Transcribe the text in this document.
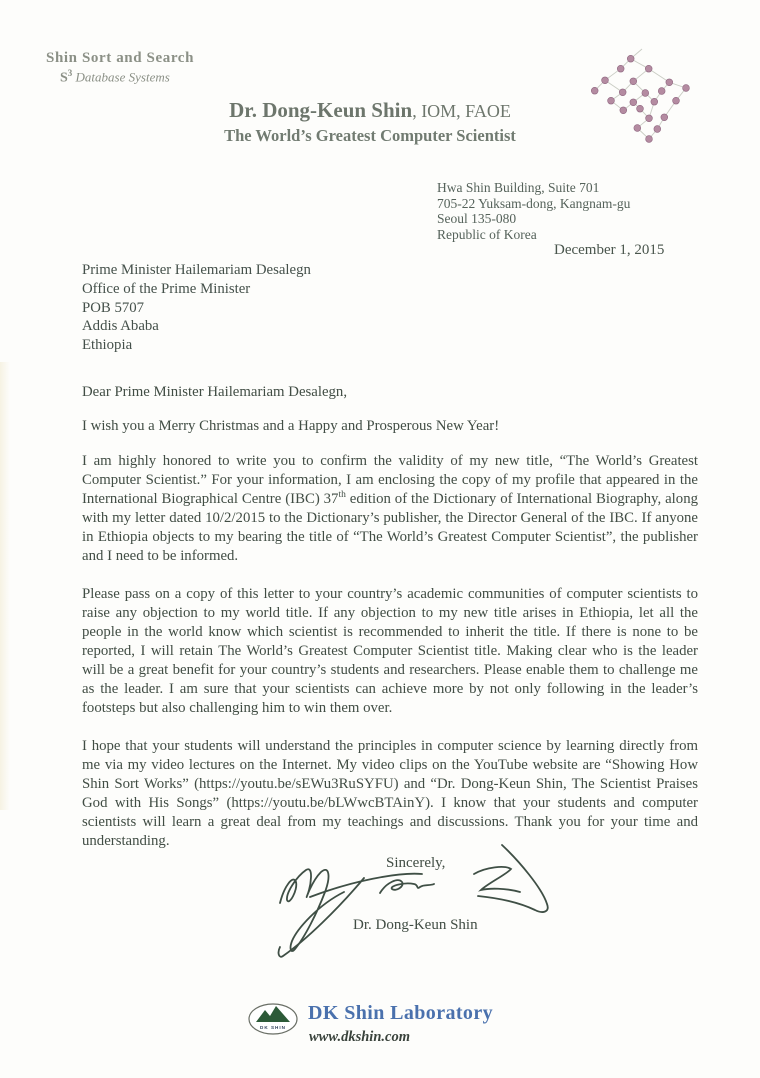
Shin Sort and Search
$S^3$ Database Systems
Dr. Dong-Keun Shin, IOM, FAOE
The World’s Greatest Computer Scientist
Hwa Shin Building, Suite 701
705-22 Yuksam-dong, Kangnam-gu
Seoul 135-080
Republic of Korea
December 1, 2015
Prime Minister Hailemariam Desalegn
Office of the Prime Minister
POB 5707
Addis Ababa
Ethiopia
Dear Prime Minister Hailemariam Desalegn,
I wish you a Merry Christmas and a Happy and Prosperous New Year!

I am highly honored to write you to confirm the validity of my new title, “The World’s Greatest Computer Scientist.” For your information, I am enclosing the copy of my profile that appeared in the International Biographical Centre (IBC) 37th edition of the Dictionary of International Biography, along with my letter dated 10/2/2015 to the Dictionary’s publisher, the Director General of the IBC. If anyone in Ethiopia objects to my bearing the title of “The World’s Greatest Computer Scientist”, the publisher and I need to be informed.

Please pass on a copy of this letter to your country’s academic communities of computer scientists to raise any objection to my world title. If any objection to my new title arises in Ethiopia, let all the people in the world know which scientist is recommended to inherit the title. If there is none to be reported, I will retain The World’s Greatest Computer Scientist title. Making clear who is the leader will be a great benefit for your country’s students and researchers. Please enable them to challenge me as the leader. I am sure that your scientists can achieve more by not only following in the leader’s footsteps but also challenging him to win them over.

I hope that your students will understand the principles in computer science by learning directly from me via my video lectures on the Internet. My video clips on the YouTube website are “Showing How Shin Sort Works” (https://youtu.be/sEWu3RuSYFU) and “Dr. Dong-Keun Shin, The Scientist Praises God with His Songs” (https://youtu.be/bLWwcBTAinY). I know that your students and computer scientists will learn a great deal from my teachings and discussions. Thank you for your time and understanding.

Sincerely,
Dr. Dong-Keun Shin
DK SHIN
DK Shin Laboratory
www.dkshin.com
